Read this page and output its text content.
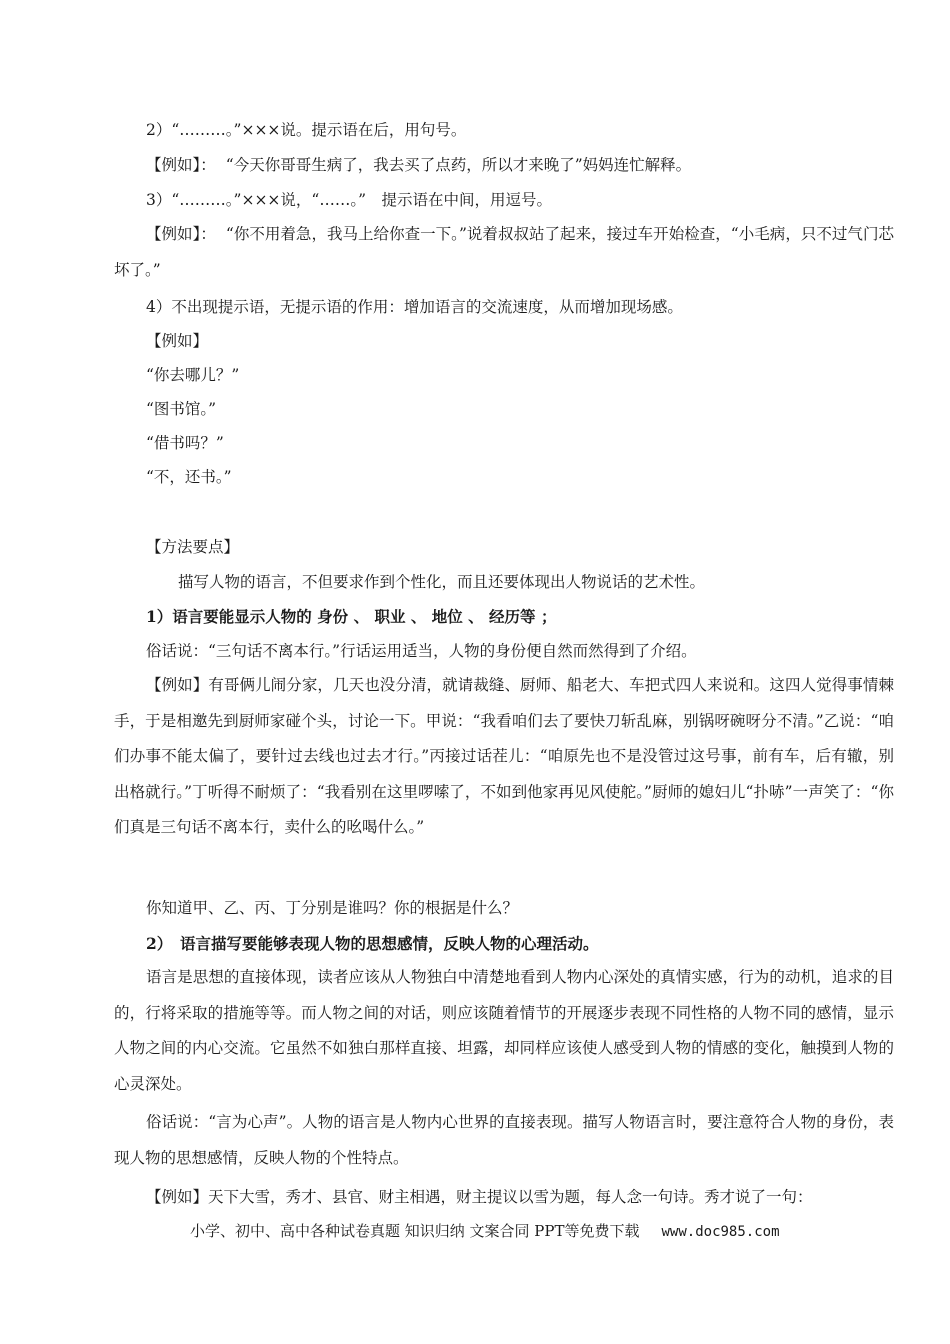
2）“………。”×××说。提示语在后，用句号。
【例如】： “今天你哥哥生病了，我去买了点药，所以才来晚了”妈妈连忙解释。
3）“………。”×××说，“……。”　提示语在中间，用逗号。
【例如】： “你不用着急，我马上给你查一下。”说着叔叔站了起来，接过车开始检查，“小毛病，只不过气门芯坏了。”
4）不出现提示语，无提示语的作用：增加语言的交流速度，从而增加现场感。
【例如】
“你去哪儿？”
“图书馆。”
“借书吗？”
“不，还书。”
【方法要点】
描写人物的语言，不但要求作到个性化，而且还要体现出人物说话的艺术性。
1）语言要能显示人物的 身份 、 职业 、 地位 、 经历等 ；
俗话说：“三句话不离本行。”行话运用适当，人物的身份便自然而然得到了介绍。
【例如】有哥俩儿闹分家，几天也没分清，就请裁缝、厨师、船老大、车把式四人来说和。这四人觉得事情棘手，于是相邀先到厨师家碰个头，讨论一下。甲说：“我看咱们去了要快刀斩乱麻，别锅呀碗呀分不清。”乙说：“咱们办事不能太偏了，要针过去线也过去才行。”丙接过话茬儿：“咱原先也不是没管过这号事，前有车，后有辙，别出格就行。”丁听得不耐烦了：“我看别在这里啰嗦了，不如到他家再见风使舵。”厨师的媳妇儿“扑哧”一声笑了：“你们真是三句话不离本行，卖什么的吆喝什么。”
你知道甲、乙、丙、丁分别是谁吗？你的根据是什么？
2）　语言描写要能够表现人物的思想感情，反映人物的心理活动。
语言是思想的直接体现，读者应该从人物独白中清楚地看到人物内心深处的真情实感，行为的动机，追求的目的，行将采取的措施等等。而人物之间的对话，则应该随着情节的开展逐步表现不同性格的人物不同的感情，显示人物之间的内心交流。它虽然不如独白那样直接、坦露，却同样应该使人感受到人物的情感的变化，触摸到人物的心灵深处。
俗话说：“言为心声”。人物的语言是人物内心世界的直接表现。描写人物语言时，要注意符合人物的身份，表现人物的思想感情，反映人物的个性特点。
【例如】天下大雪，秀才、县官、财主相遇，财主提议以雪为题，每人念一句诗。秀才说了一句：
小学、初中、高中各种试卷真题 知识归纳 文案合同 PPT等免费下载 www.doc985.com
